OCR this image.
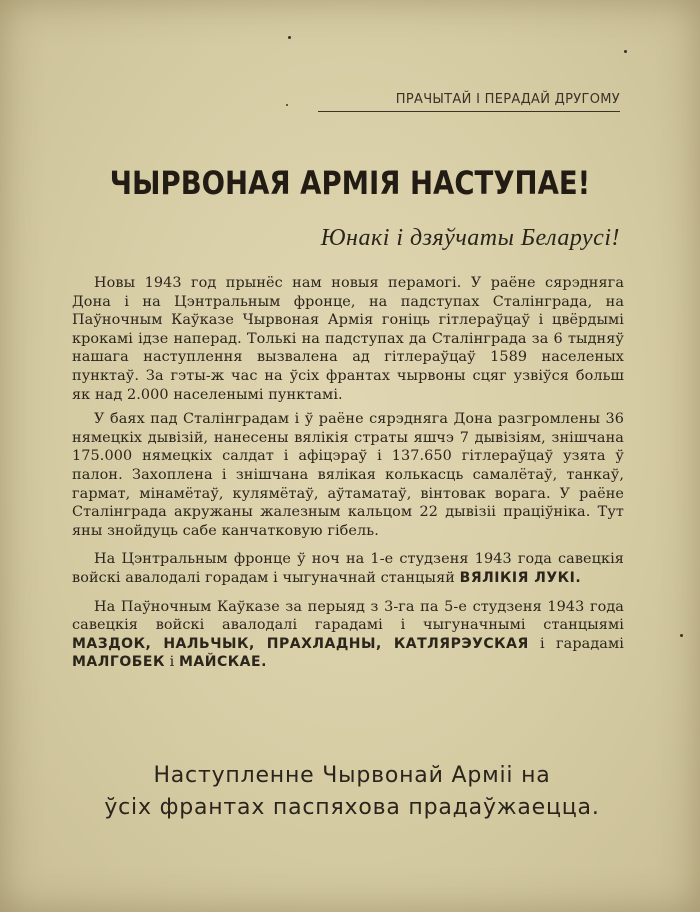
ПРАЧЫТАЙ І ПЕРАДАЙ ДРУГОМУ
ЧЫРВОНАЯ АРМІЯ НАСТУПАЕ!
Юнакі і дзяўчаты Беларусі!

Новы 1943 год прынёс нам новыя перамогі. У раёне сярэдняга Дона і на Цэнтральным фронце, на падступах Сталінграда, на Паўночным Каўказе Чырвоная Армія гоніць гітлераўцаў і цвёрдымі крокамі ідзе наперад. Толькі на падступах да Сталінграда за 6 тыдняў нашага наступлення вызвалена ад гітлераўцаў 1589 населеных пунктаў. За гэты-ж час на ўсіх франтах чырвоны сцяг узвіўся больш як над 2.000 населенымі пунктамі.

У баях пад Сталінградам і ў раёне сярэдняга Дона разгромлены 36 нямецкіх дывізій, нанесены вялікія страты яшчэ 7 дывізіям, знішчана 175.000 нямецкіх салдат і афіцэраў і 137.650 гітлераўцаў узята ў палон. Захоплена і знішчана вялікая колькасць самалётаў, танкаў, гармат, мінамётаў, кулямётаў, аўтаматаў, вінтовак ворага. У раёне Сталінграда акружаны жалезным кальцом 22 дывізіі праціўніка. Тут яны знойдуць сабе канчатковую гібель.

На Цэнтральным фронце ў ноч на 1-е студзеня 1943 года савецкія войскі авалодалі горадам і чыгуначнай станцыяй ВЯЛІКІЯ ЛУКІ.

На Паўночным Каўказе за перыяд з 3-га па 5-е студзеня 1943 года савецкія войскі авалодалі гарадамі і чыгуначнымі станцыямі МАЗДОК, НАЛЬЧЫК, ПРАХЛАДНЫ, КАТЛЯРЭУСКАЯ і гарадамі МАЛГОБЕК і МАЙСКАЕ.

Наступленне Чырвонай Арміі на
ўсіх франтах паспяхова прадаўжаецца.
